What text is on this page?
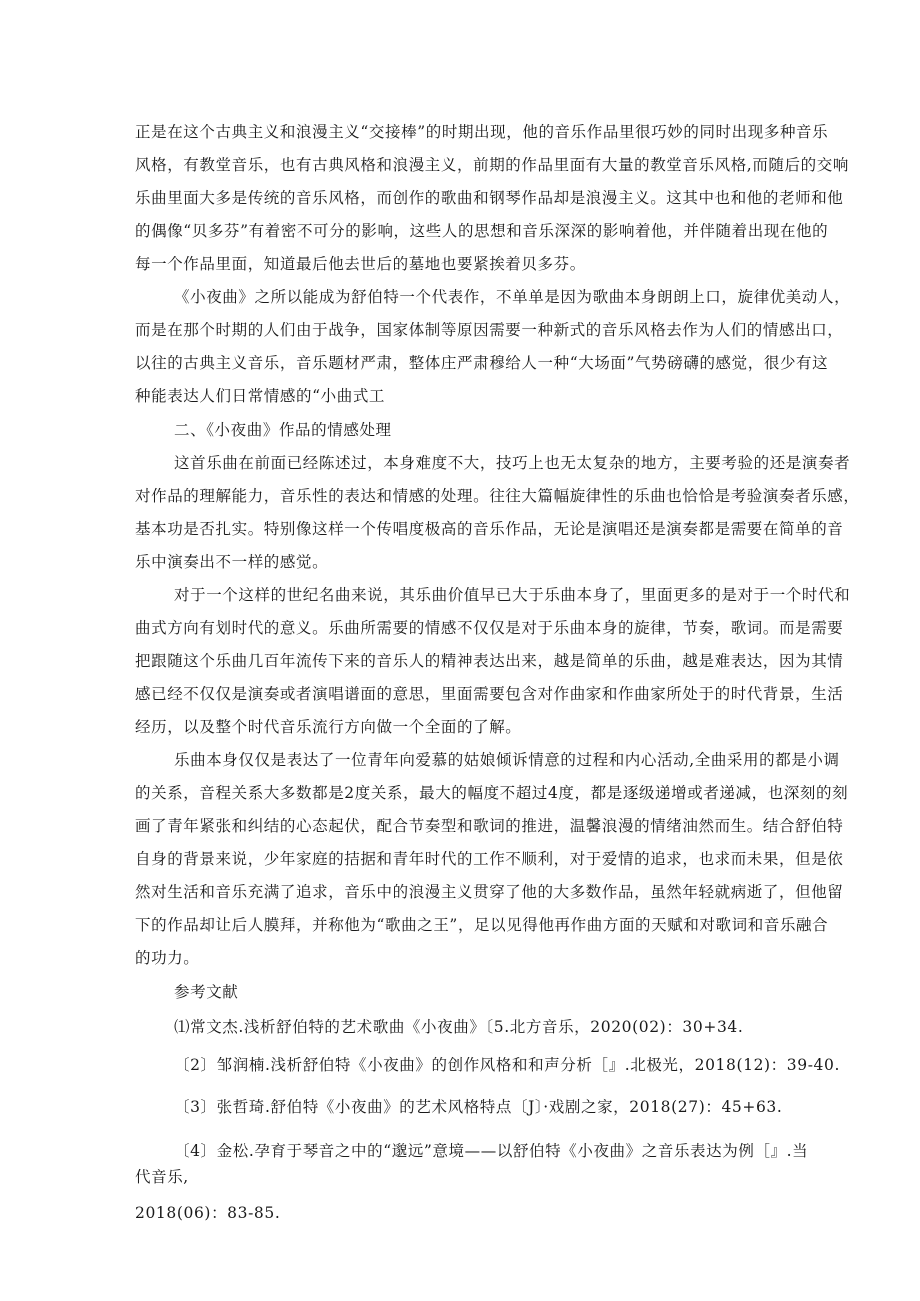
正是在这个古典主义和浪漫主义“交接棒”的时期出现，他的音乐作品里很巧妙的同时出现多种音乐
风格，有教堂音乐，也有古典风格和浪漫主义，前期的作品里面有大量的教堂音乐风格,而随后的交响
乐曲里面大多是传统的音乐风格，而创作的歌曲和钢琴作品却是浪漫主义。这其中也和他的老师和他
的偶像“贝多芬”有着密不可分的影响，这些人的思想和音乐深深的影响着他，并伴随着出现在他的
每一个作品里面，知道最后他去世后的墓地也要紧挨着贝多芬。
《小夜曲》之所以能成为舒伯特一个代表作，不单单是因为歌曲本身朗朗上口，旋律优美动人，
而是在那个时期的人们由于战争，国家体制等原因需要一种新式的音乐风格去作为人们的情感出口，
以往的古典主义音乐，音乐题材严肃，整体庄严肃穆给人一种“大场面”气势磅礴的感觉，很少有这
种能表达人们日常情感的“小曲式工
二、《小夜曲》作品的情感处理
这首乐曲在前面已经陈述过，本身难度不大，技巧上也无太复杂的地方，主要考验的还是演奏者
对作品的理解能力，音乐性的表达和情感的处理。往往大篇幅旋律性的乐曲也恰恰是考验演奏者乐感，
基本功是否扎实。特别像这样一个传唱度极高的音乐作品，无论是演唱还是演奏都是需要在简单的音
乐中演奏出不一样的感觉。
对于一个这样的世纪名曲来说，其乐曲价值早已大于乐曲本身了，里面更多的是对于一个时代和
曲式方向有划时代的意义。乐曲所需要的情感不仅仅是对于乐曲本身的旋律，节奏，歌词。而是需要
把跟随这个乐曲几百年流传下来的音乐人的精神表达出来，越是简单的乐曲，越是难表达，因为其情
感已经不仅仅是演奏或者演唱谱面的意思，里面需要包含对作曲家和作曲家所处于的时代背景，生活
经历，以及整个时代音乐流行方向做一个全面的了解。
乐曲本身仅仅是表达了一位青年向爱慕的姑娘倾诉情意的过程和内心活动,全曲采用的都是小调
的关系，音程关系大多数都是2度关系，最大的幅度不超过4度，都是逐级递增或者递减，也深刻的刻
画了青年紧张和纠结的心态起伏，配合节奏型和歌词的推进，温馨浪漫的情绪油然而生。结合舒伯特
自身的背景来说，少年家庭的拮据和青年时代的工作不顺利，对于爱情的追求，也求而未果，但是依
然对生活和音乐充满了追求，音乐中的浪漫主义贯穿了他的大多数作品，虽然年轻就病逝了，但他留
下的作品却让后人膜拜，并称他为“歌曲之王”，足以见得他再作曲方面的天赋和对歌词和音乐融合
的功力。
参考文献
⑴常文杰.浅析舒伯特的艺术歌曲《小夜曲》〔5.北方音乐，2020(02)：30+34.
〔2〕邹润楠.浅析舒伯特《小夜曲》的创作风格和和声分析［』.北极光，2018(12)：39-40.
〔3〕张哲琦.舒伯特《小夜曲》的艺术风格特点〔J〕·戏剧之家，2018(27)：45+63.
〔4〕金松.孕育于琴音之中的“邈远”意境——以舒伯特《小夜曲》之音乐表达为例［』.当
代音乐,
2018(06)：83-85.
